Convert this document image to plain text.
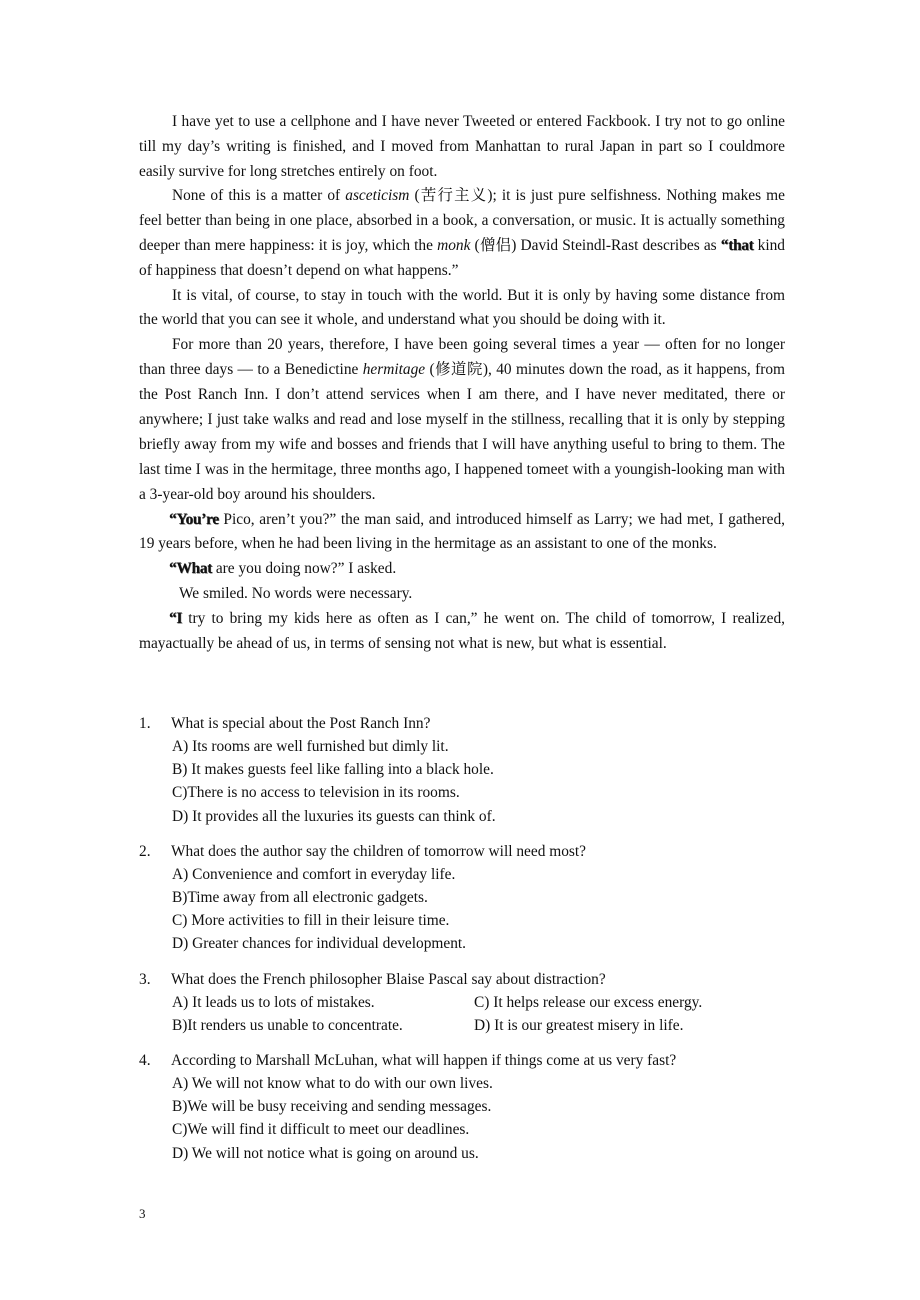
I have yet to use a cellphone and I have never Tweeted or entered Fackbook. I try not to go online till my day’s writing is finished, and I moved from Manhattan to rural Japan in part so I couldmore easily survive for long stretches entirely on foot.

None of this is a matter of asceticism (苦行主义); it is just pure selfishness. Nothing makes me feel better than being in one place, absorbed in a book, a conversation, or music. It is actually something deeper than mere happiness: it is joy, which the monk (僧侣) David Steindl-Rast describes as “that kind of happiness that doesn’t depend on what happens.”

It is vital, of course, to stay in touch with the world. But it is only by having some distance from the world that you can see it whole, and understand what you should be doing with it.

For more than 20 years, therefore, I have been going several times a year — often for no longer than three days — to a Benedictine hermitage (修道院), 40 minutes down the road, as it happens, from the Post Ranch Inn. I don’t attend services when I am there, and I have never meditated, there or anywhere; I just take walks and read and lose myself in the stillness, recalling that it is only by stepping briefly away from my wife and bosses and friends that I will have anything useful to bring to them. The last time I was in the hermitage, three months ago, I happened tomeet with a youngish-looking man with a 3-year-old boy around his shoulders.

“You’re Pico, aren’t you?” the man said, and introduced himself as Larry; we had met, I gathered, 19 years before, when he had been living in the hermitage as an assistant to one of the monks.

“What are you doing now?” I asked.

We smiled. No words were necessary.

“I try to bring my kids here as often as I can,” he went on. The child of tomorrow, I realized, mayactually be ahead of us, in terms of sensing not what is new, but what is essential.

1.	What is special about the Post Ranch Inn?
A) Its rooms are well furnished but dimly lit.
B) It makes guests feel like falling into a black hole.
C)There is no access to television in its rooms.
D) It provides all the luxuries its guests can think of.
2.	What does the author say the children of tomorrow will need most?
A) Convenience and comfort in everyday life.
B)Time away from all electronic gadgets.
C) More activities to fill in their leisure time.
D) Greater chances for individual development.
3.	What does the French philosopher Blaise Pascal say about distraction?
A) It leads us to lots of mistakes.	C) It helps release our excess energy.
B)It renders us unable to concentrate.	D) It is our greatest misery in life.
4.	According to Marshall McLuhan, what will happen if things come at us very fast?
A) We will not know what to do with our own lives.
B)We will be busy receiving and sending messages.
C)We will find it difficult to meet our deadlines.
D) We will not notice what is going on around us.
3
